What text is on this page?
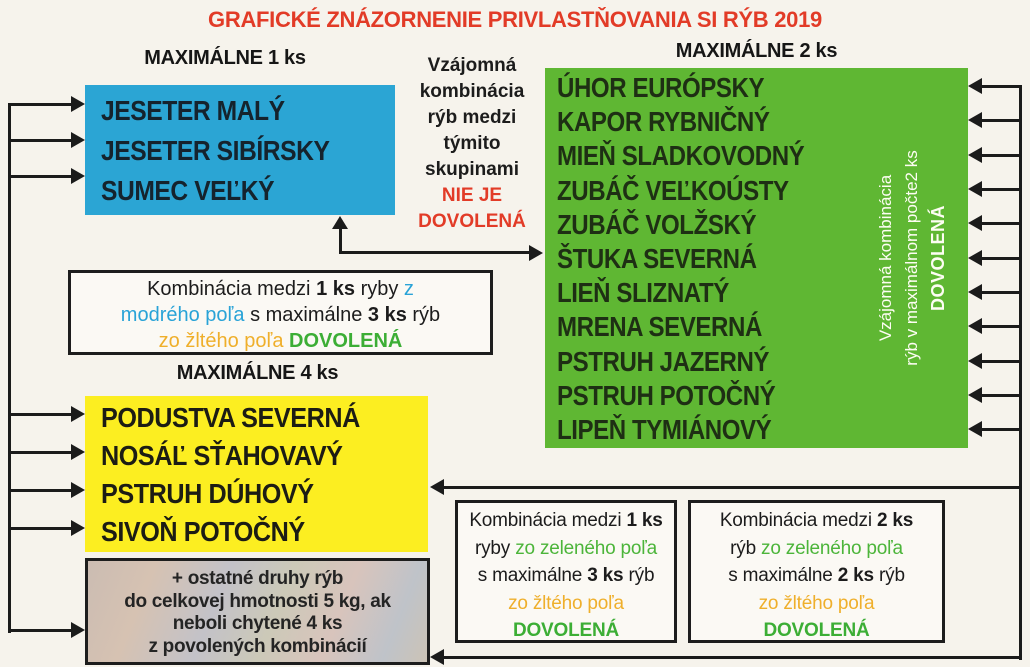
GRAFICKÉ ZNÁZORNENIE PRIVLASTŇOVANIA SI RÝB 2019
MAXIMÁLNE 1 ks
JESETER MALÝ
JESETER SIBÍRSKY
SUMEC VEĽKÝ
Vzájomná
kombinácia
rýb medzi
týmito
skupinami
NIE JE
DOVOLENÁ
MAXIMÁLNE 2 ks
ÚHOR EURÓPSKY
KAPOR RYBNIČNÝ
MIEŇ SLADKOVODNÝ
ZUBÁČ VEĽKOÚSTY
ZUBÁČ VOLŽSKÝ
ŠTUKA SEVERNÁ
LIEŇ SLIZNATÝ
MRENA SEVERNÁ
PSTRUH JAZERNÝ
PSTRUH POTOČNÝ
LIPEŇ TYMIÁNOVÝ
Vzájomná kombinácia rýb v maximálnom počte2 ks DOVOLENÁ
Kombinácia medzi 1 ks ryby z
modrého poľa s maximálne 3 ks rýb
zo žltého poľa DOVOLENÁ
MAXIMÁLNE 4 ks
PODUSTVA SEVERNÁ
NOSÁĽ SŤAHOVAVÝ
PSTRUH DÚHOVÝ
SIVOŇ POTOČNÝ
+ ostatné druhy rýb
do celkovej hmotnosti 5 kg, ak
neboli chytené 4 ks
z povolených kombinácií
Kombinácia medzi 1 ks
ryby zo zeleného poľa
s maximálne 3 ks rýb
zo žltého poľa
DOVOLENÁ
Kombinácia medzi 2 ks
rýb zo zeleného poľa
s maximálne 2 ks rýb
zo žltého poľa
DOVOLENÁ
